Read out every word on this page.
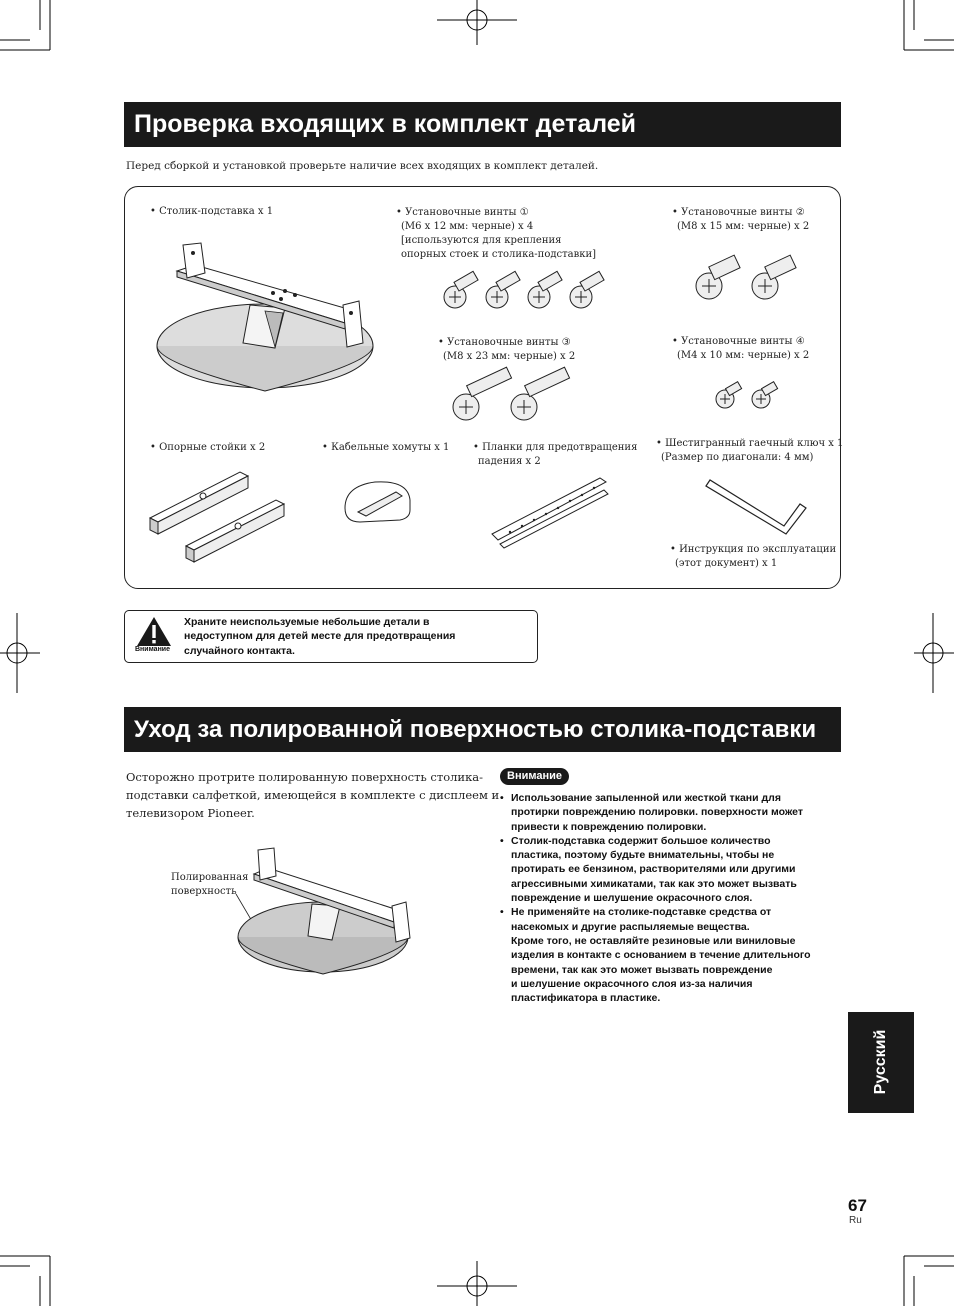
Проверка входящих в комплект деталей
Перед сборкой и установкой проверьте наличие всех входящих в комплект деталей.
• Столик-подставка x 1	• Установочные винты ①
(M6 x 12 мм: черные) x 4
[используются для крепления
опорных стоек и столика-подставки]
• Установочные винты ②
(M8 x 15 мм: черные) x 2
• Установочные винты ③
(M8 x 23 мм: черные) x 2
• Установочные винты ④
(M4 x 10 мм: черные) x 2
• Опорные стойки x 2	• Кабельные хомуты x 1 • Планки для предотвращения
падения x 2
• Шестигранный гаечный ключ x 1
(Размер по диагонали: 4 мм)
• Инструкция по эксплуатации
(этот документ) x 1
Внимание
Храните неиспользуемые небольшие детали в
недоступном для детей месте для предотвращения
случайного контакта.
Уход за полированной поверхностью столика-подставки
Осторожно протрите полированную поверхность столика-
подставки салфеткой, имеющейся в комплекте с дисплеем и
телевизором Pioneer.
Полированная
поверхность
Внимание
• Использование запыленной или жесткой ткани для
протирки повреждению полировки. поверхности может
привести к повреждению полировки.
• Столик-подставка содержит большое количество
пластика, поэтому будьте внимательны, чтобы не
протирать ее бензином, растворителями или другими
агрессивными химикатами, так как это может вызвать
повреждение и шелушение окрасочного слоя.
• Не применяйте на столике-подставке средства от
насекомых и другие распыляемые вещества.
Кроме того, не оставляйте резиновые или виниловые
изделия в контакте с основанием в течение длительного
времени, так как это может вызвать повреждение
и шелушение окрасочного слоя из-за наличия
пластификатора в пластике.
Русский
67
Ru
